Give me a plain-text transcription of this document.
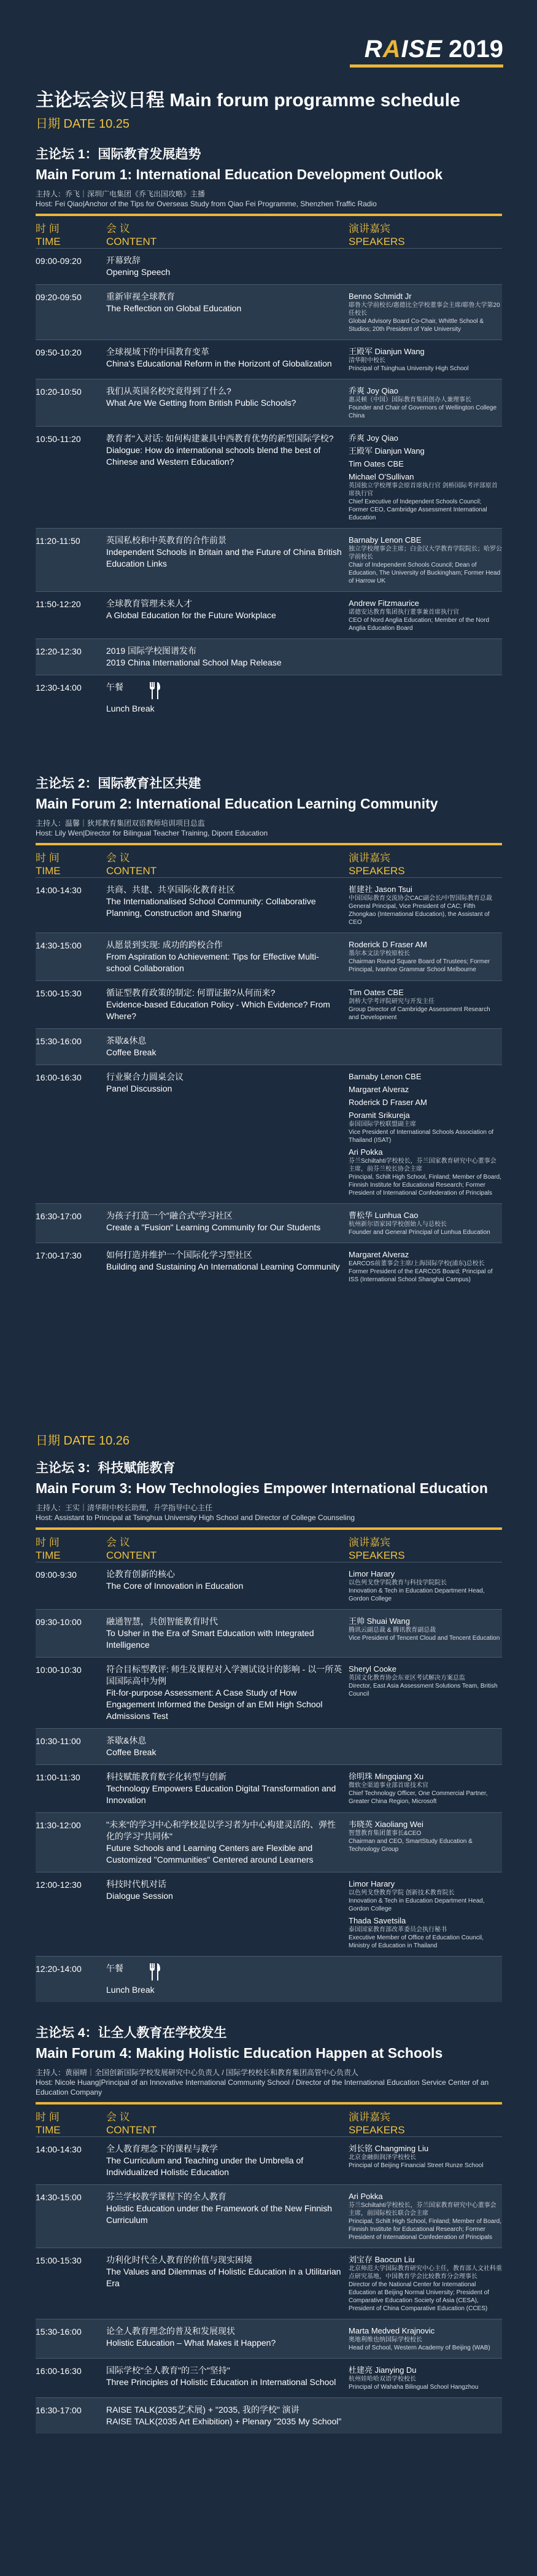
RAISE 2019
主论坛会议日程 Main forum programme schedule
日期 DATE 10.25
主论坛 1：国际教育发展趋势
Main Forum 1: International Education Development Outlook
主持人：乔飞｜深圳广电集团《乔飞出国攻略》主播
Host: Fei Qiao|Anchor of the Tips for Overseas Study from Qiao Fei Programme, Shenzhen Traffic Radio
时 间
TIME
会 议
CONTENT
演讲嘉宾
SPEAKERS
09:00-09:20	开幕致辞
Opening Speech
09:20-09:50	重新审视全球教育
The Reflection on Global Education
Benno Schmidt Jr
耶鲁大学前校长/惠德比全学校董事会主席/耶鲁大学第20任校长
Global Advisory Board Co-Chair, Whittle School & Studios; 20th President of Yale University
09:50-10:20	全球视域下的中国教育变革
China's Educational Reform in the Horizont of Globalization
王殿军 Dianjun Wang
清华附中校长
Principal of Tsinghua University High School
10:20-10:50	我们从英国名校究竟得到了什么?
What Are We Getting from British Public Schools?
乔爽 Joy Qiao
惠灵顿（中国）国际教育集团创办人兼理事长
Founder and Chair of Governors of Wellington College China
10:50-11:20	教育者"入对话: 如何构建兼具中西教育优势的新型国际学校?
Dialogue: How do international schools blend the best of Chinese and Western Education?
乔爽 Joy Qiao
王殿军 Dianjun Wang
Tim Oates CBE
Michael O'Sullivan
英国独立学校理事会原首席执行官 剑桥国际考评部原首席执行官
Chief Executive of Independent Schools Council; Former CEO, Cambridge Assessment International Education
11:20-11:50	英国私校和中英教育的合作前景
Independent Schools in Britain and the Future of China British Education Links
Barnaby Lenon CBE
独立学校理事会主席；白金汉大学教育学院院长；哈罗公学前校长
Chair of Independent Schools Council; Dean of Education, The University of Buckingham; Former Head of Harrow UK
11:50-12:20	全球教育管理未来人才
A Global Education for the Future Workplace
Andrew Fitzmaurice
诺德安达教育集团执行董事兼首席执行官
CEO of Nord Anglia Education; Member of the Nord Anglia Education Board
12:20-12:30	2019 国际学校图谱发布
2019 China International School Map Release
12:30-14:00	午餐
Lunch Break
主论坛 2：国际教育社区共建
Main Forum 2: International Education Learning Community
主持人：温馨｜狄邦教育集团双语教师培训项目总监
Host: Lily Wen|Director for Bilingual Teacher Training, Dipont Education
时 间
TIME
会 议
CONTENT
演讲嘉宾
SPEAKERS
14:00-14:30	共商、共建、共享国际化教育社区
The Internationalised School Community: Collaborative Planning, Construction and Sharing
崔建社 Jason Tsui
中国国际教育交流协会CAC副会长/中智国际教育总裁
General Principal, Vice President of CAC; Fifth Zhongkao (International Education), the Assistant of CEO
14:30-15:00	从愿景到实现: 成功的跨校合作
From Aspiration to Achievement: Tips for Effective Multi-school Collaboration
Roderick D Fraser AM
墨尔本文法学校原校长
Chairman Round Square Board of Trustees; Former Principal, Ivanhoe Grammar School Melbourne
15:00-15:30	循证型教育政策的制定: 何谓证据?从何而来?
Evidence-based Education Policy - Which Evidence? From Where?
Tim Oates CBE
剑桥大学考评院研究与开发主任
Group Director of Cambridge Assessment Research and Development
15:30-16:00	茶歇&休息
Coffee Break
16:00-16:30	行业聚合力圆桌会议
Panel Discussion
Barnaby Lenon CBE
Margaret Alveraz
Roderick D Fraser AM
Poramit Srikureja
泰国国际学校联盟副主席
Vice President of International Schools Association of Thailand (ISAT)
Ari Pokka
芬兰Schiltahti学校校长，芬兰国家教育研究中心董事会主席，前芬兰校长协会主席
Principal, Schilt High School, Finland; Member of Board, Finnish Institute for Educational Research; Former President of International Confederation of Principals
16:30-17:00	为孩子打造一个"融合式"学习社区
Create a "Fusion" Learning Community for Our Students
曹松华 Lunhua Cao
杭州新尔语家园学校创始人与总校长
Founder and General Principal of Lunhua Education
17:00-17:30	如何打造并维护一个国际化学习型社区
Building and Sustaining An International Learning Community
Margaret Alveraz
EARCOS前董事会主席/上海国际学校(浦东)总校长
Former President of the EARCOS Board; Principal of ISS (International School Shanghai Campus)
主论坛 3：科技赋能教育
Main Forum 3: How Technologies Empower International Education
主持人：王实｜清华附中校长助理，升学指导中心主任
Host: Assistant to Principal at Tsinghua University High School and Director of College Counseling
时 间
TIME
会 议
CONTENT
演讲嘉宾
SPEAKERS
09:00-9:30	论教育创新的核心
The Core of Innovation in Education
Limor Harary
以色列戈登学院教育与科技学院院长
Innovation & Tech in Education Department Head, Gordon College
09:30-10:00	融通智慧，共创智能教育时代
To Usher in the Era of Smart Education with Integrated Intelligence
王帅 Shuai Wang
腾讯云副总裁 & 腾讯教育副总裁
Vice President of Tencent Cloud and Tencent Education
10:00-10:30	符合目标型教评: 师生及课程对入学测试设计的影响 - 以一所英国国际高中为例
Fit-for-purpose Assessment: A Case Study of How Engagement Informed the Design of an EMI High School Admissions Test
Sheryl Cooke
英国文化教育协会东亚区考试解决方案总监
Director, East Asia Assessment Solutions Team, British Council
10:30-11:00	茶歇&休息
Coffee Break
11:00-11:30	科技赋能教育数字化转型与创新
Technology Empowers Education Digital Transformation and Innovation
徐明珠 Mingqiang Xu
微软全渠道事业部首席技术官
Chief Technology Officer, One Commercial Partner, Greater China Region, Microsoft
11:30-12:00	"未来"的学习中心和学校是以学习者为中心构建灵活的、弹性化的学习"共同体"
Future Schools and Learning Centers are Flexible and Customized "Communities" Centered around Learners
韦晓英 Xiaoliang Wei
智慧教育集团董事长&CEO
Chairman and CEO, SmartStudy Education & Technology Group
12:00-12:30	科技时代机对话
Dialogue Session
Limor Harary
以色列戈登教育学院 创新技术教育院长
Innovation & Tech in Education Department Head, Gordon College
Thada Savetsila
泰国国家教育部改革委员会执行秘书
Executive Member of Office of Education Council, Ministry of Education in Thailand
12:20-14:00	午餐
Lunch Break
主论坛 4：让全人教育在学校发生
Main Forum 4: Making Holistic Education Happen at Schools
主持人：黄丽晴｜全国创新国际学校发展研究中心负责人 / 国际学校校长和教育集团高管中心负责人
Host: Nicole Huang|Principal of an Innovative International Community School / Director of the International Education Service Center of an Education Company
时 间
TIME
会 议
CONTENT
演讲嘉宾
SPEAKERS
14:00-14:30	全人教育理念下的课程与教学
The Curriculum and Teaching under the Umbrella of Individualized Holistic Education
刘长铭 Changming Liu
北京金融街润泽学校校长
Principal of Beijing Financial Street Runze School
14:30-15:00	芬兰学校教学课程下的全人教育
Holistic Education under the Framework of the New Finnish Curriculum
Ari Pokka
芬兰Schiltahti学校校长，芬兰国家教育研究中心董事会主席，前国际校长联合会主席
Principal, Schilt High School, Finland; Member of Board, Finnish Institute for Educational Research; Former President of International Confederation of Principals
15:00-15:30	功利化时代全人教育的价值与现实困境
The Values and Dilemmas of Holistic Education in a Utilitarian Era
刘宝存 Baocun Liu
北京师范大学国际教育研究中心主任，教育部人文社科重点研究基地，中国教育学会比较教育分会理事长
Director of the National Center for International Education at Beijing Normal University; President of Comparative Education Society of Asia (CESA), President of China Comparative Education (CCES)
15:30-16:00	论全人教育理念的普及和发展现状
Holistic Education – What Makes it Happen?
Marta Medved Krajnovic
奥地利维也纳国际学校校长
Head of School, Western Academy of Beijing (WAB)
16:00-16:30	国际学校"全人教育"的三个"坚持"
Three Principles of Holistic Education in International School
杜建亮 Jianying Du
杭州娃哈哈双语学校校长
Principal of Wahaha Bilingual School Hangzhou
16:30-17:00	RAISE TALK(2035艺术展) + "2035, 我的学校" 演讲
RAISE TALK(2035 Art Exhibition) + Plenary "2035 My School"
日期 DATE 10.26
